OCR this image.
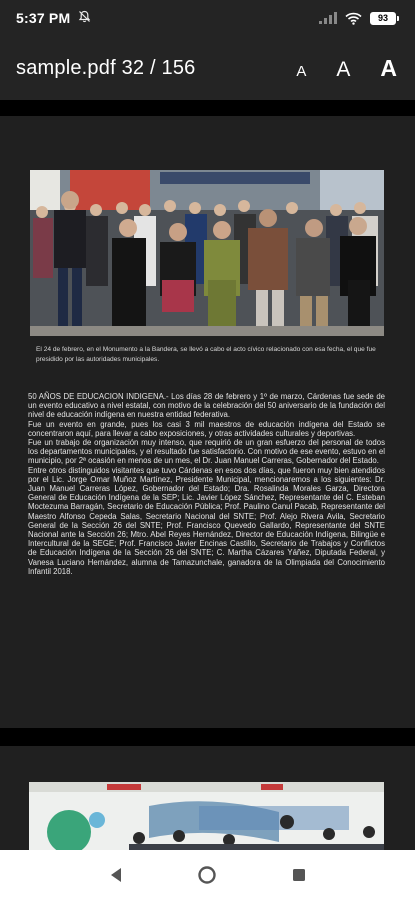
5:37 PM	93
sample.pdf 32 / 156	A A A

El 24 de febrero, en el Monumento a la Bandera, se llevó a cabo el acto cívico relacionado con esa fecha, el que fue presidido por las autoridades municipales.

50 AÑOS DE EDUCACION INDIGENA.- Los días 28 de febrero y 1º de marzo, Cárdenas fue sede de un evento educativo a nivel estatal, con motivo de la celebración del 50 aniversario de la fundación del nivel de educación indígena en nuestra entidad federativa.

Fue un evento en grande, pues los casi 3 mil maestros de educación indígena del Estado se concentraron aquí, para llevar a cabo exposiciones, y otras actividades culturales y deportivas.

Fue un trabajo de organización muy intenso, que requirió de un gran esfuerzo del personal de todos los departamentos municipales, y el resultado fue satisfactorio. Con motivo de ese evento, estuvo en el municipio, por 2ª ocasión en menos de un mes, el Dr. Juan Manuel Carreras, Gobernador del Estado.

Entre otros distinguidos visitantes que tuvo Cárdenas en esos dos días, que fueron muy bien atendidos por el Lic. Jorge Omar Muñoz Martínez, Presidente Municipal, mencionaremos a los siguientes: Dr. Juan Manuel Carreras López, Gobernador del Estado; Dra. Rosalinda Morales Garza, Directora General de Educación Indígena de la SEP; Lic. Javier López Sánchez, Representante del C. Esteban Moctezuma Barragán, Secretario de Educación Pública; Prof. Paulino Canul Pacab, Representante del Maestro Alfonso Cepeda Salas, Secretario Nacional del SNTE; Prof. Alejo Rivera Avila, Secretario General de la Sección 26 del SNTE; Prof. Francisco Quevedo Gallardo, Representante del SNTE Nacional ante la Sección 26; Mtro. Abel Reyes Hernández, Director de Educación Indígena, Bilingüe e Intercultural de la SEGE; Prof. Francisco Javier Encinas Castillo, Secretario de Trabajos y Conflictos de Educación Indígena de la Sección 26 del SNTE; C. Martha Cázares Yáñez, Diputada Federal, y Vanesa Luciano Hernández, alumna de Tamazunchale, ganadora de la Olimpiada del Conocimiento Infantil 2018.
